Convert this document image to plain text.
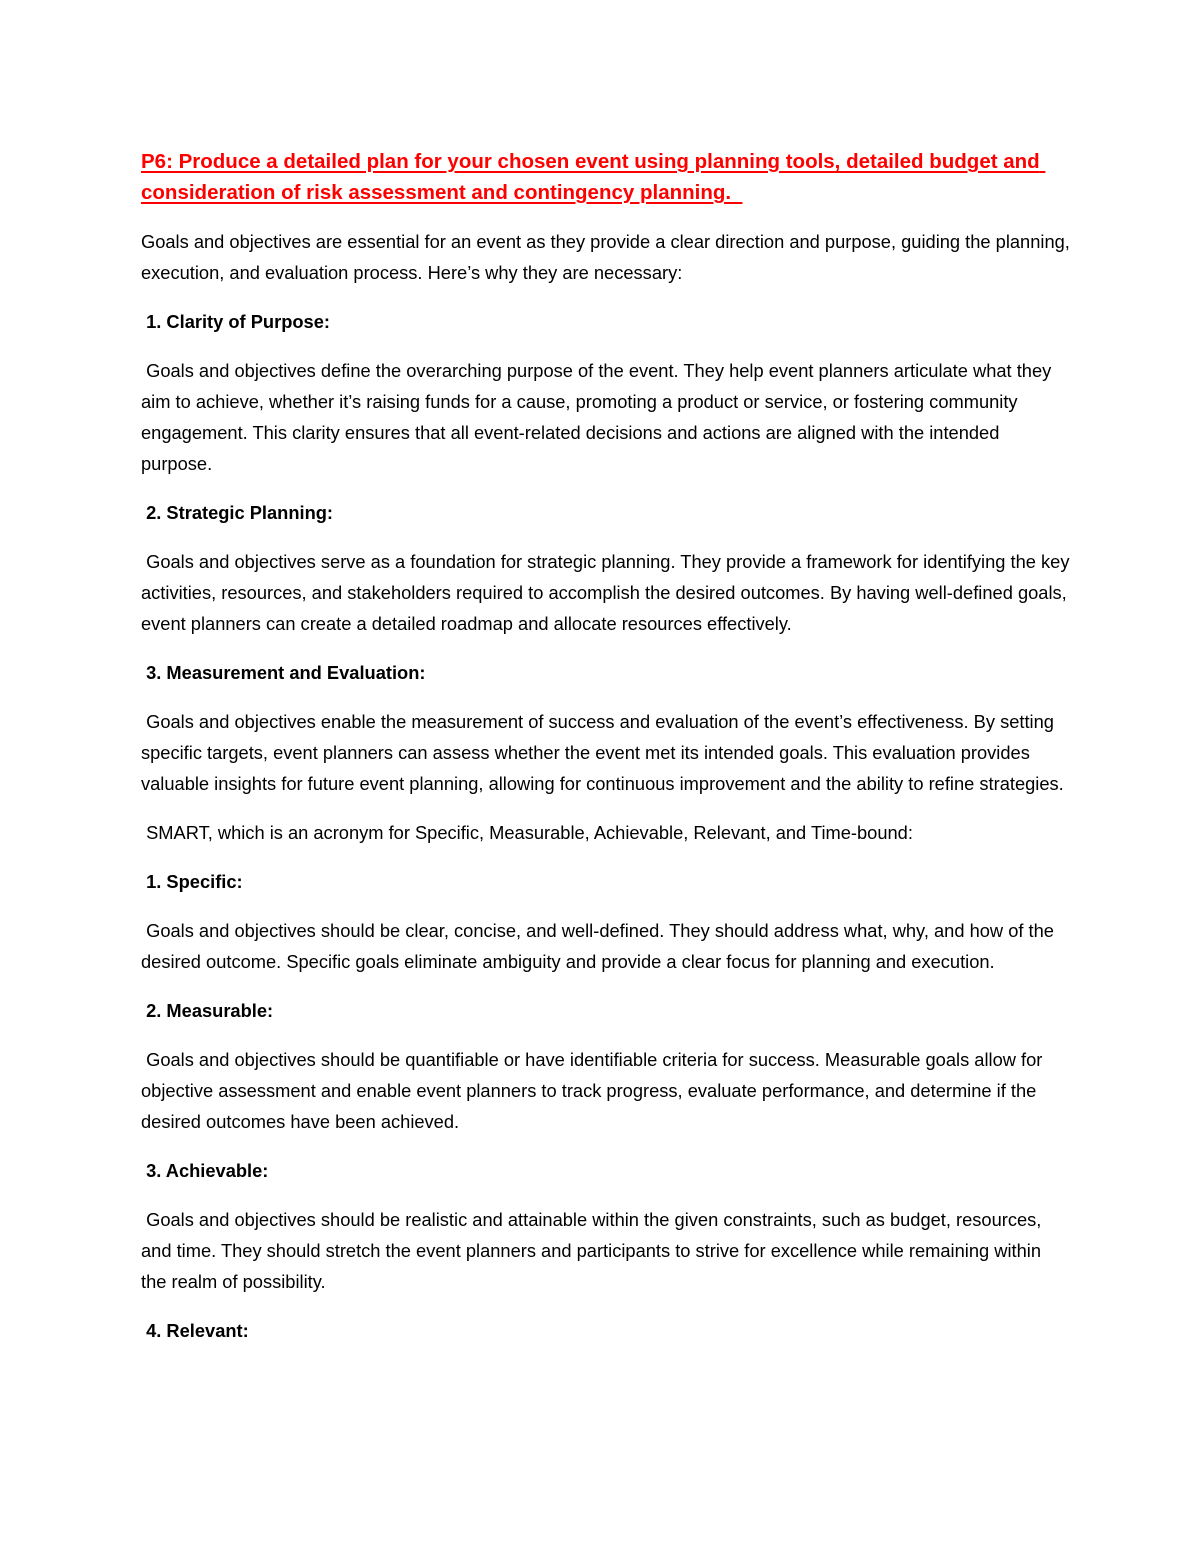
P6: Produce a detailed plan for your chosen event using planning tools, detailed budget and consideration of risk assessment and contingency planning.

Goals and objectives are essential for an event as they provide a clear direction and purpose, guiding the planning, execution, and evaluation process. Here’s why they are necessary:

1. Clarity of Purpose:

Goals and objectives define the overarching purpose of the event. They help event planners articulate what they aim to achieve, whether it’s raising funds for a cause, promoting a product or service, or fostering community engagement. This clarity ensures that all event-related decisions and actions are aligned with the intended purpose.

2. Strategic Planning:

Goals and objectives serve as a foundation for strategic planning. They provide a framework for identifying the key activities, resources, and stakeholders required to accomplish the desired outcomes. By having well-defined goals, event planners can create a detailed roadmap and allocate resources effectively.

3. Measurement and Evaluation:

Goals and objectives enable the measurement of success and evaluation of the event’s effectiveness. By setting specific targets, event planners can assess whether the event met its intended goals. This evaluation provides valuable insights for future event planning, allowing for continuous improvement and the ability to refine strategies.

SMART, which is an acronym for Specific, Measurable, Achievable, Relevant, and Time-bound:

1. Specific:

Goals and objectives should be clear, concise, and well-defined. They should address what, why, and how of the desired outcome. Specific goals eliminate ambiguity and provide a clear focus for planning and execution.

2. Measurable:

Goals and objectives should be quantifiable or have identifiable criteria for success. Measurable goals allow for objective assessment and enable event planners to track progress, evaluate performance, and determine if the desired outcomes have been achieved.

3. Achievable:

Goals and objectives should be realistic and attainable within the given constraints, such as budget, resources, and time. They should stretch the event planners and participants to strive for excellence while remaining within the realm of possibility.

4. Relevant:
